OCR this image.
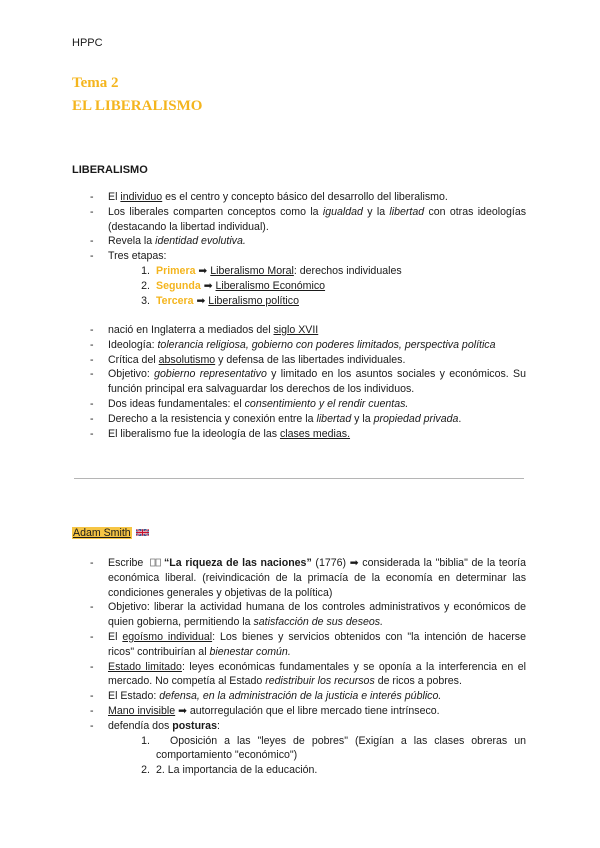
HPPC
Tema 2
EL LIBERALISMO
LIBERALISMO
- El individuo es el centro y concepto básico del desarrollo del liberalismo.
- Los liberales comparten conceptos como la igualdad y la libertad con otras ideologías (destacando la libertad individual).
- Revela la identidad evolutiva.
- Tres etapas:
1. Primera ➡ Liberalismo Moral: derechos individuales
2. Segunda ➡ Liberalismo Económico
3. Tercera ➡ Liberalismo político
- nació en Inglaterra a mediados del siglo XVII
- Ideología: tolerancia religiosa, gobierno con poderes limitados, perspectiva política
- Crítica del absolutismo y defensa de las libertades individuales.
- Objetivo: gobierno representativo y limitado en los asuntos sociales y económicos. Su función principal era salvaguardar los derechos de los individuos.
- Dos ideas fundamentales: el consentimiento y el rendir cuentas.
- Derecho a la resistencia y conexión entre la libertad y la propiedad privada.
- El liberalismo fue la ideología de las clases medias.
Adam Smith
- Escribe “La riqueza de las naciones” (1776) ➡ considerada la "biblia" de la teoría económica liberal. (reivindicación de la primacía de la economía en determinar las condiciones generales y objetivas de la política)
- Objetivo: liberar la actividad humana de los controles administrativos y económicos de quien gobierna, permitiendo la satisfacción de sus deseos.
- El egoísmo individual: Los bienes y servicios obtenidos con "la intención de hacerse ricos" contribuirían al bienestar común.
- Estado limitado: leyes económicas fundamentales y se oponía a la interferencia en el mercado. No competía al Estado redistribuir los recursos de ricos a pobres.
- El Estado: defensa, en la administración de la justicia e interés público.
- Mano invisible ➡ autorregulación que el libre mercado tiene intrínseco.
- defendía dos posturas:
1. Oposición a las "leyes de pobres" (Exigían a las clases obreras un comportamiento "económico")
2. 2. La importancia de la educación.
